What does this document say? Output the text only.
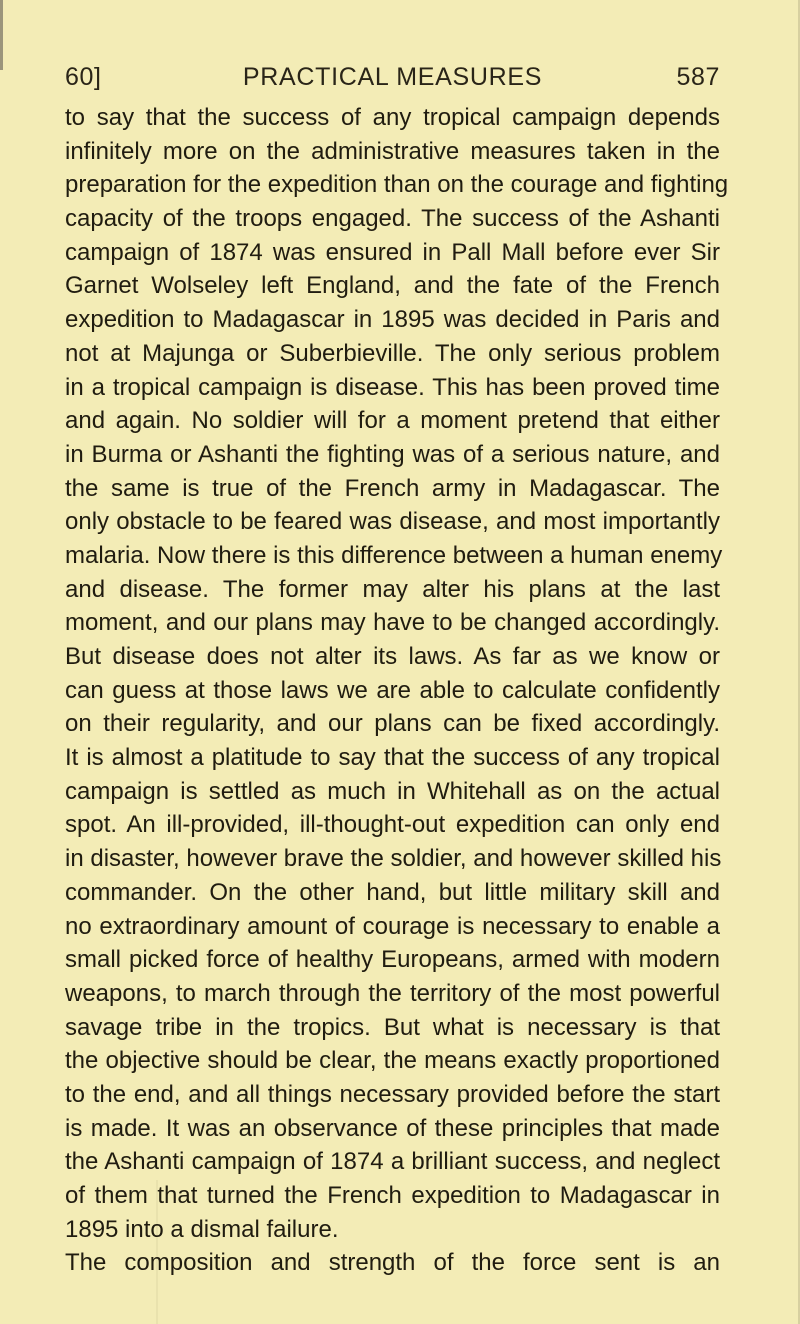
60]	PRACTICAL MEASURES	587
to say that the success of any tropical campaign depends
infinitely more on the administrative measures taken in the
preparation for the expedition than on the courage and fighting
capacity of the troops engaged. The success of the Ashanti
campaign of 1874 was ensured in Pall Mall before ever Sir
Garnet Wolseley left England, and the fate of the French
expedition to Madagascar in 1895 was decided in Paris and
not at Majunga or Suberbieville. The only serious problem
in a tropical campaign is disease. This has been proved time
and again. No soldier will for a moment pretend that either
in Burma or Ashanti the fighting was of a serious nature, and
the same is true of the French army in Madagascar. The
only obstacle to be feared was disease, and most importantly
malaria. Now there is this difference between a human enemy
and disease. The former may alter his plans at the last
moment, and our plans may have to be changed accordingly.
But disease does not alter its laws. As far as we know or
can guess at those laws we are able to calculate confidently
on their regularity, and our plans can be fixed accordingly.
It is almost a platitude to say that the success of any tropical
campaign is settled as much in Whitehall as on the actual
spot. An ill-provided, ill-thought-out expedition can only end
in disaster, however brave the soldier, and however skilled his
commander. On the other hand, but little military skill and
no extraordinary amount of courage is necessary to enable a
small picked force of healthy Europeans, armed with modern
weapons, to march through the territory of the most powerful
savage tribe in the tropics. But what is necessary is that
the objective should be clear, the means exactly proportioned
to the end, and all things necessary provided before the start
is made. It was an observance of these principles that made
the Ashanti campaign of 1874 a brilliant success, and neglect
of them that turned the French expedition to Madagascar in
1895 into a dismal failure.
The composition and strength of the force sent is an
